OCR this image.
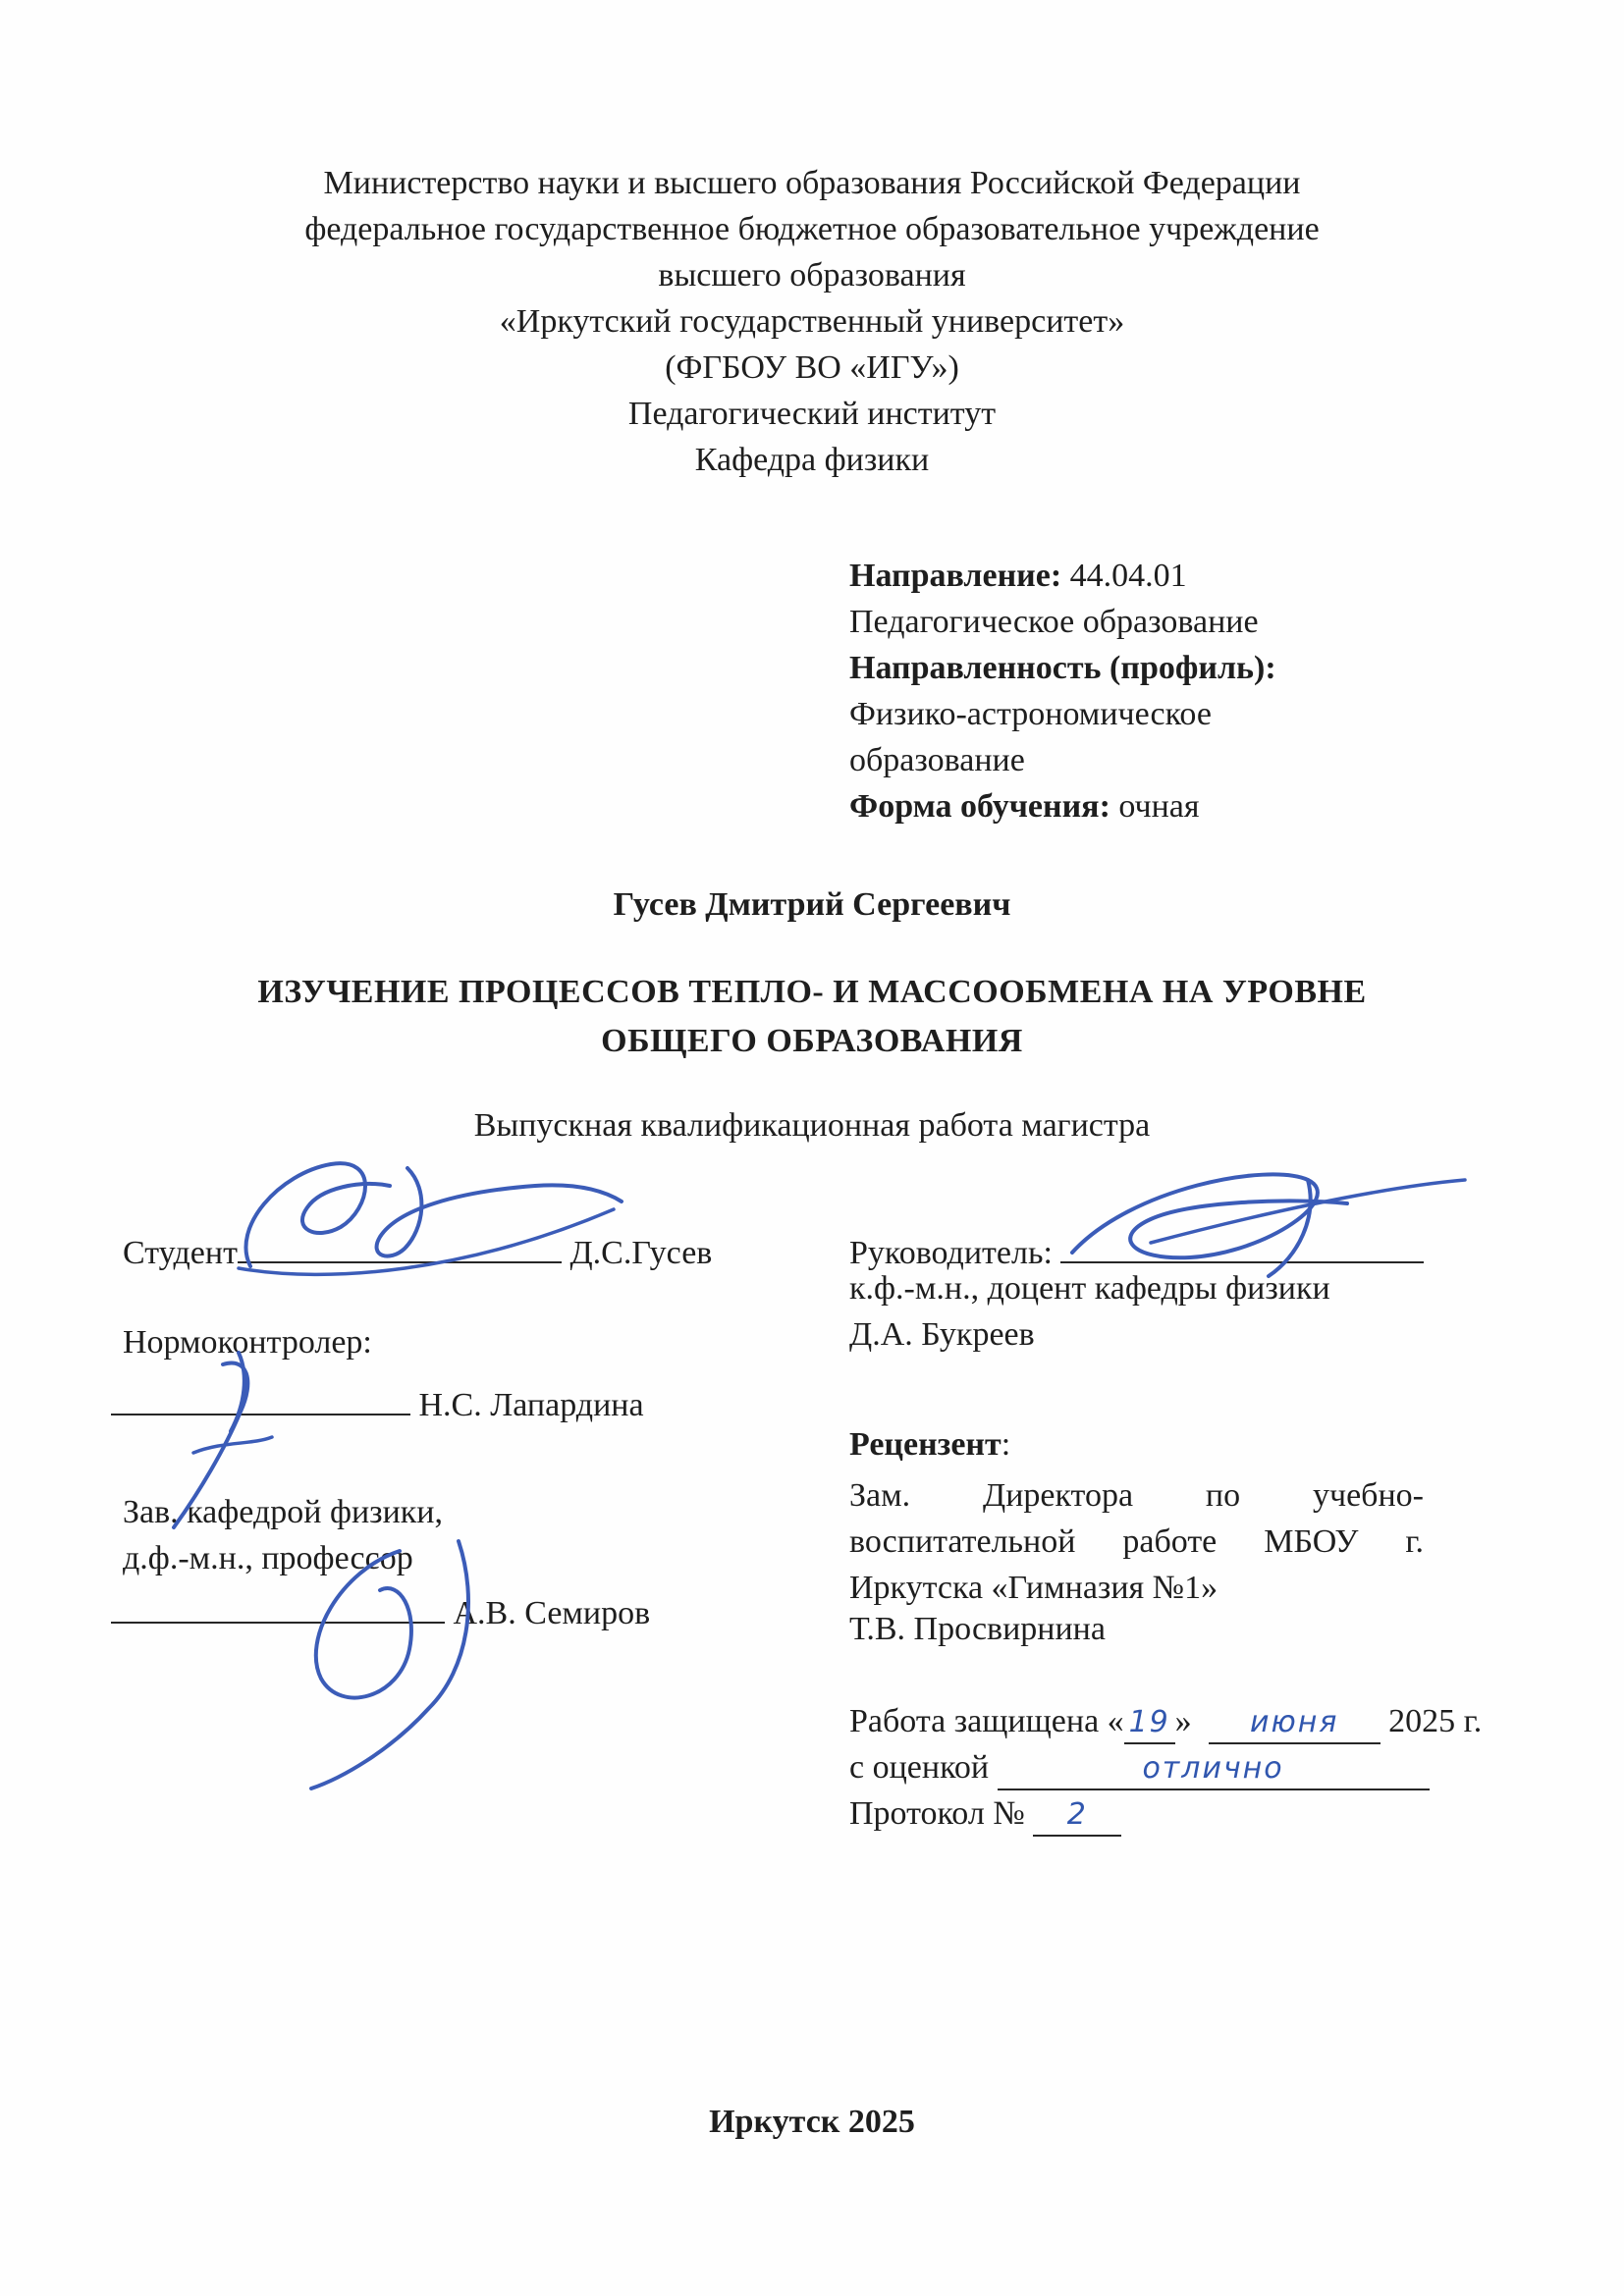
Министерство науки и высшего образования Российской Федерации
федеральное государственное бюджетное образовательное учреждение
высшего образования
«Иркутский государственный университет»
(ФГБОУ ВО «ИГУ»)
Педагогический институт
Кафедра физики
Направление: 44.04.01
Педагогическое образование
Направленность (профиль):
Физико-астрономическое
образование
Форма обучения: очная
Гусев Дмитрий Сергеевич
ИЗУЧЕНИЕ ПРОЦЕССОВ ТЕПЛО- И МАССООБМЕНА НА УРОВНЕ
ОБЩЕГО ОБРАЗОВАНИЯ
Выпускная квалификационная работа магистра
Студент	Д.С.Гусев	Руководитель:
к.ф.-м.н., доцент кафедры физики
Д.А. Букреев
Нормоконтролер:
Н.С. Лапардина
Рецензент:
Зам. Директора по учебно-воспитательной работе МБОУ г. Иркутска «Гимназия №1»
Т.В. Просвирнина
Зав. кафедрой физики,
д.ф.-м.н., профессор
А.В. Семиров
Работа защищена « 19 »  июня 2025 г.
с оценкой	отлично
Протокол № 2
Иркутск 2025
